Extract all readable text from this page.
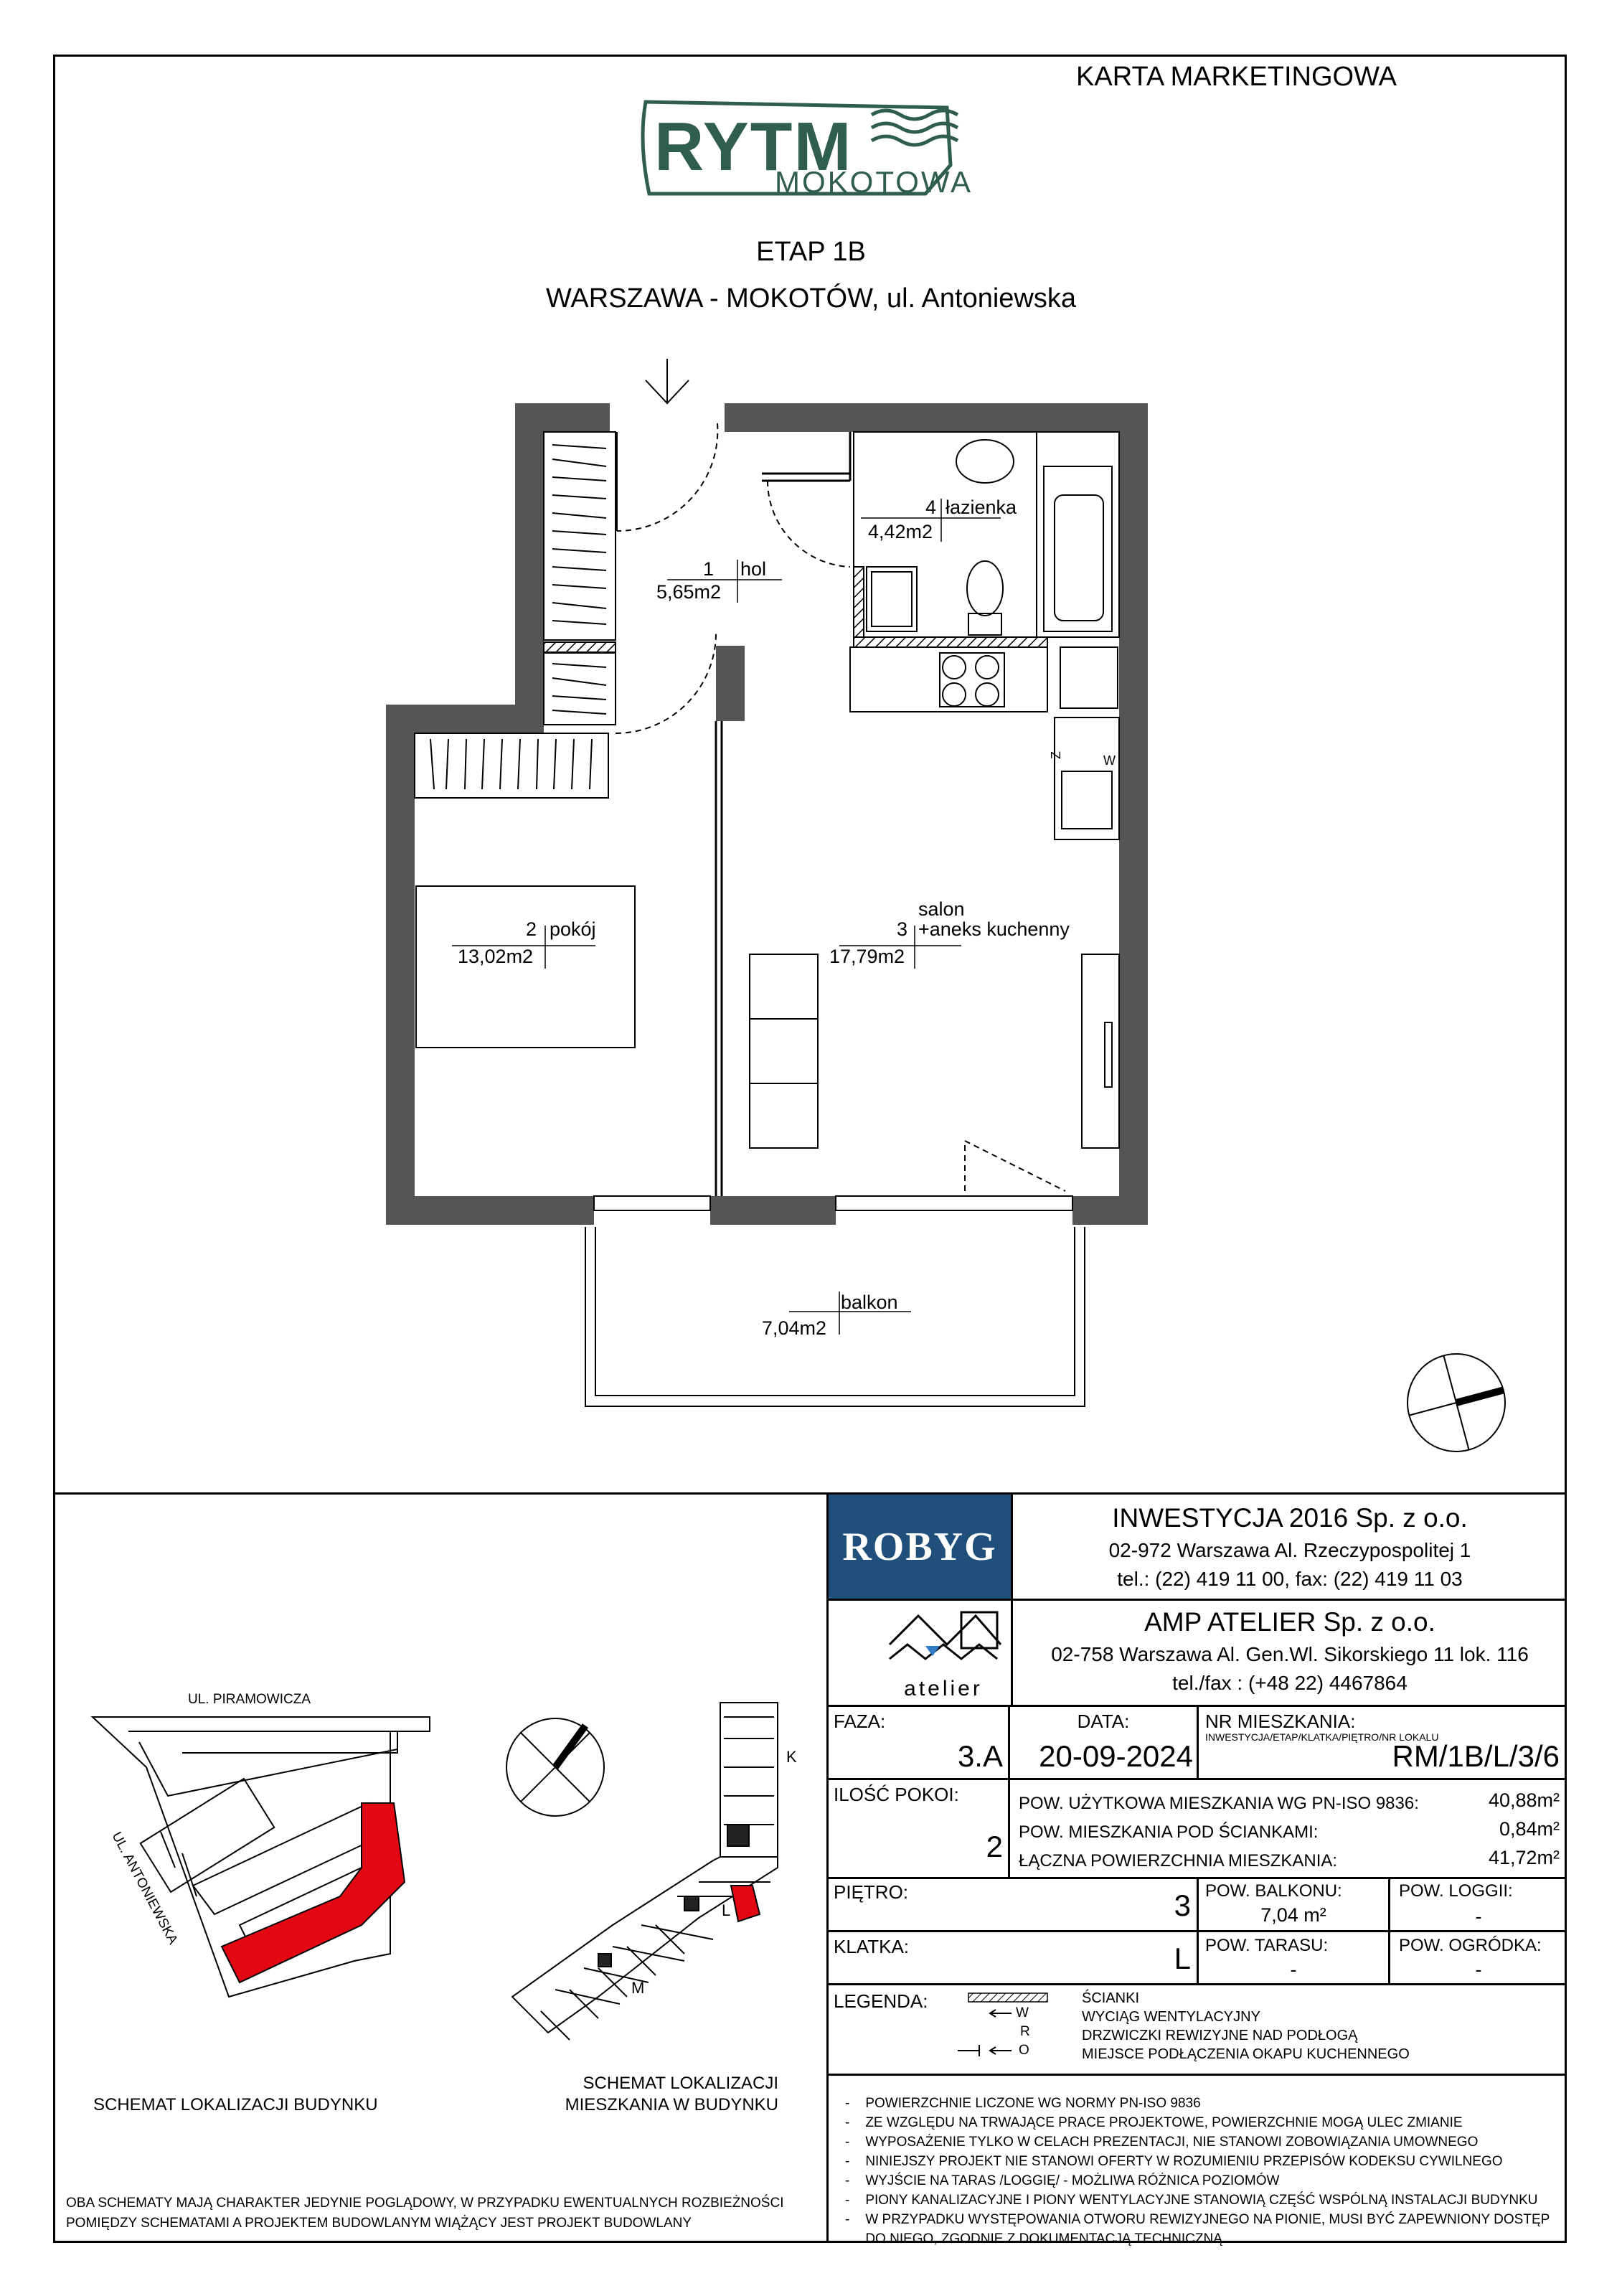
KARTA MARKETINGOWA
RYTM
MOKOTOWA
ETAP 1B
WARSZAWA - MOKOTÓW, ul. Antoniewska
1 hol
5,65m2
2 pokój
13,02m2
salon
3 +aneks kuchenny
17,79m2
4 łazienka
4,42m2
balkon
7,04m2
Z	W
ROBYG
INWESTYCJA 2016 Sp. z o.o.
02-972 Warszawa Al. Rzeczypospolitej 1
tel.: (22) 419 11 00, fax: (22) 419 11 03
atelier
AMP ATELIER Sp. z o.o.
02-758 Warszawa Al. Gen.Wl. Sikorskiego 11 lok. 116
tel./fax : (+48 22) 4467864
FAZA:
3.A
DATA:
20-09-2024
NR MIESZKANIA:
INWESTYCJA/ETAP/KLATKA/PIĘTRO/NR LOKALU
RM/1B/L/3/6
ILOŚĆ POKOI:
2
POW. UŻYTKOWA MIESZKANIA WG PN-ISO 9836:	40,88m²
POW. MIESZKANIA POD ŚCIANKAMI:	0,84m²
ŁĄCZNA POWIERZCHNIA MIESZKANIA:	41,72m²
PIĘTRO:	3 POW. BALKONU:
7,04 m²
POW. LOGGII:
-
KLATKA:	L POW. TARASU:
-
POW. OGRÓDKA:
-
LEGENDA:
W
R
O
ŚCIANKI
WYCIĄG WENTYLACYJNY
DRZWICZKI REWIZYJNE NAD PODŁOGĄ
MIEJSCE PODŁĄCZENIA OKAPU KUCHENNEGO
- POWIERZCHNIE LICZONE WG NORMY PN-ISO 9836
- ZE WZGLĘDU NA TRWAJĄCE PRACE PROJEKTOWE, POWIERZCHNIE MOGĄ ULEC ZMIANIE
- WYPOSAŻENIE TYLKO W CELACH PREZENTACJI, NIE STANOWI ZOBOWIĄZANIA UMOWNEGO
- NINIEJSZY PROJEKT NIE STANOWI OFERTY W ROZUMIENIU PRZEPISÓW KODEKSU CYWILNEGO
- WYJŚCIE NA TARAS /LOGGIĘ/ - MOŻLIWA RÓŻNICA POZIOMÓW
- PIONY KANALIZACYJNE I PIONY WENTYLACYJNE STANOWIĄ CZĘŚĆ WSPÓLNĄ INSTALACJI BUDYNKU
- W PRZYPADKU WYSTĘPOWANIA OTWORU REWIZYJNEGO NA PIONIE, MUSI BYĆ ZAPEWNIONY DOSTĘP
DO NIEGO, ZGODNIE Z DOKUMENTACJĄ TECHNICZNĄ
UL. PIRAMOWICZA
UL. ANTONIEWSKA
K
L
M
SCHEMAT LOKALIZACJI BUDYNKU
SCHEMAT LOKALIZACJI
MIESZKANIA W BUDYNKU
OBA SCHEMATY MAJĄ CHARAKTER JEDYNIE POGLĄDOWY, W PRZYPADKU EWENTUALNYCH ROZBIEŻNOŚCI
POMIĘDZY SCHEMATAMI A PROJEKTEM BUDOWLANYM WIĄŻĄCY JEST PROJEKT BUDOWLANY
